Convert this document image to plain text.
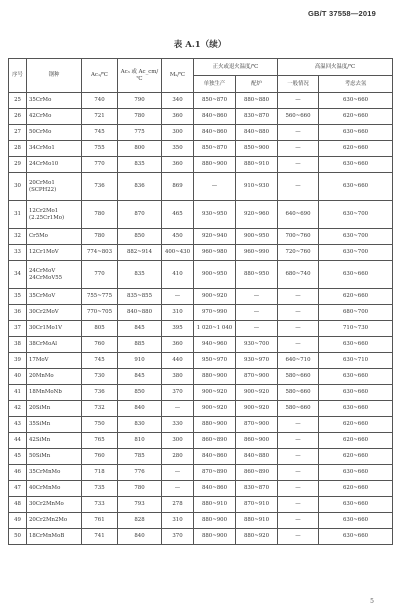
GB/T 37558—2019
表 A.1（续）
序号	钢种	Ac₁/℃	Ac₃ 或 Ac_cm/℃	Mₛ/℃	正火或退火温度/℃		高温回火温度/℃	
					单独生产	配炉	一般情况	考虑去氢
25	35CrMo	740	790	340	850~870	880~880	—	630~660
26	42CrMo	721	780	360	840~860	830~870	560~660	620~660
27	50CrMo	745	775	300	840~860	840~880	—	630~660
28	34CrMo1	755	800	350	850~870	850~900	—	620~660
29	24CrMo10	770	835	360	880~900	880~910	—	630~660
30	20CrMo1
(SCPH22)	736	836	869	—	910~930	—	630~660
31	12Cr2Mo1
(2.25Cr1Mo)	780	870	465	930~950	920~960	640~690	630~700
32	Cr5Mo	780	850	450	920~940	900~950	700~760	630~700
33	12Cr1MoV	774~803	882~914	400~430	960~980	960~990	720~760	630~700
34	24CrMoV
24CrMoV55	770	835	410	900~950	880~950	680~740	630~660
35	35CrMoV	755~775	835~855	—	900~920	—	—	620~660
36	30Cr2MoV	770~705	840~880	310	970~990	—	—	680~700
37	30Cr1Mo1V	805	845	395	1 020~1 040	—	—	710~730
38	38CrMoAl	760	885	360	940~960	930~700	—	630~660
39	17MoV	745	910	440	950~970	930~970	640~710	630~710
40	20MnMo	730	845	380	880~900	870~900	580~660	630~660
41	18MnMoNb	736	850	370	900~920	900~920	580~660	630~660
42	20SiMn	732	840	—	900~920	900~920	580~660	630~660
43	35SiMn	750	830	330	880~900	870~900	—	620~660
44	42SiMn	765	810	300	860~890	860~900	—	620~660
45	50SiMn	760	785	280	840~860	840~880	—	620~660
46	35CrMnMo	718	776	—	870~890	860~890	—	630~660
47	40CrMnMo	735	780	—	840~860	830~870	—	620~660
48	30Cr2MnMo	733	793	278	880~910	870~910	—	630~660
49	20Cr2Mn2Mo	761	828	310	880~900	880~910	—	630~660
50	18CrMnMoB	741	840	370	880~900	880~920	—	630~660
5
